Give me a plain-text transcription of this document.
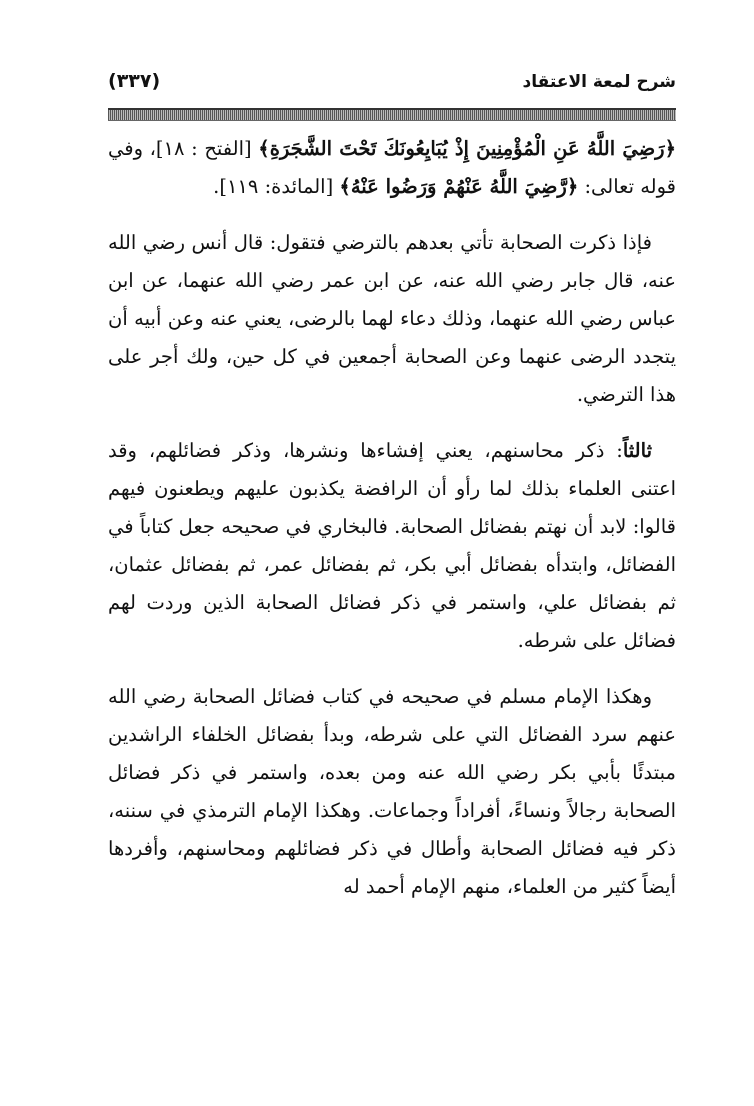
شرح لمعة الاعتقاد
(٣٣٧)

﴿رَضِيَ اللَّهُ عَنِ الْمُؤْمِنِينَ إِذْ يُبَايِعُونَكَ تَحْتَ الشَّجَرَةِ﴾ [الفتح : ١٨]، وفي قوله تعالى: ﴿رَّضِيَ اللَّهُ عَنْهُمْ وَرَضُوا عَنْهُ﴾ [المائدة: ١١٩].

فإذا ذكرت الصحابة تأتي بعدهم بالترضي فتقول: قال أنس رضي الله عنه، قال جابر رضي الله عنه، عن ابن عمر رضي الله عنهما، عن ابن عباس رضي الله عنهما، وذلك دعاء لهما بالرضى، يعني عنه وعن أبيه أن يتجدد الرضى عنهما وعن الصحابة أجمعين في كل حين، ولك أجر على هذا الترضي.

ثالثاً: ذكر محاسنهم، يعني إفشاءها ونشرها، وذكر فضائلهم، وقد اعتنى العلماء بذلك لما رأو أن الرافضة يكذبون عليهم ويطعنون فيهم قالوا: لابد أن نهتم بفضائل الصحابة. فالبخاري في صحيحه جعل كتاباً في الفضائل، وابتدأه بفضائل أبي بكر، ثم بفضائل عمر، ثم بفضائل عثمان، ثم بفضائل علي، واستمر في ذكر فضائل الصحابة الذين وردت لهم فضائل على شرطه.

وهكذا الإمام مسلم في صحيحه في كتاب فضائل الصحابة رضي الله عنهم سرد الفضائل التي على شرطه، وبدأ بفضائل الخلفاء الراشدين مبتدئًا بأبي بكر رضي الله عنه ومن بعده، واستمر في ذكر فضائل الصحابة رجالاً ونساءً، أفراداً وجماعات. وهكذا الإمام الترمذي في سننه، ذكر فيه فضائل الصحابة وأطال في ذكر فضائلهم ومحاسنهم، وأفردها أيضاً كثير من العلماء، منهم الإمام أحمد له
